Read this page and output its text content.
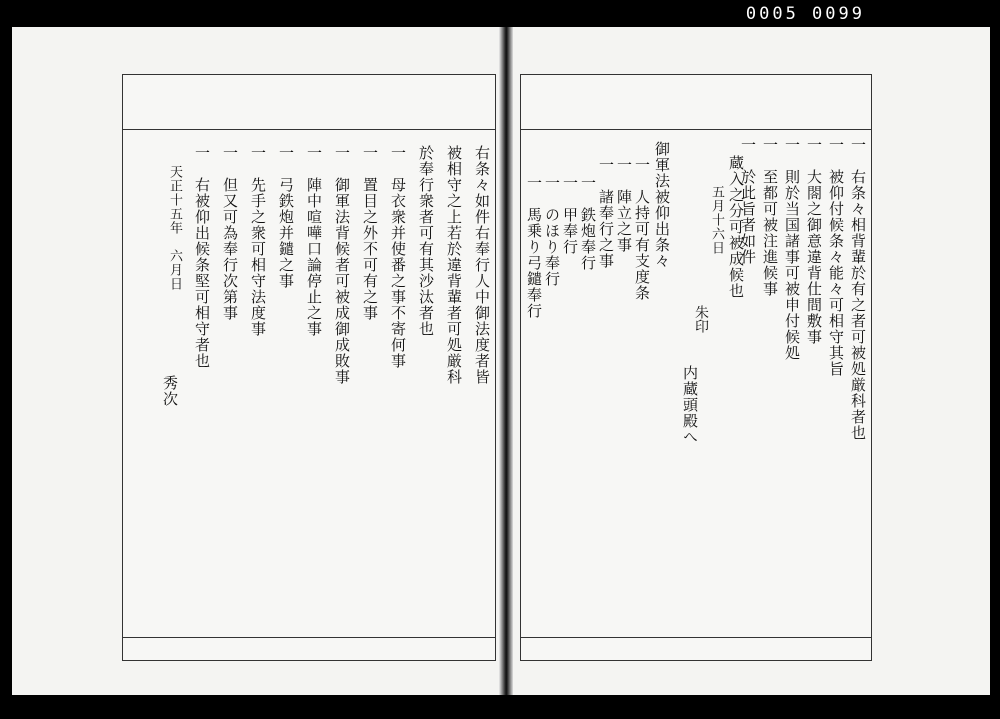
0005 0099
右条々如件右奉行人中御法度者皆
被相守之上若於違背輩者可処厳科
於奉行衆者可有其沙汰者也
一　母衣衆并使番之事不寄何事
一　置目之外不可有之事
一　御軍法背候者可被成御成敗事
一　陣中喧嘩口論停止之事
一　弓鉄炮并鑓之事
一　先手之衆可相守法度事
一　但又可為奉行次第事
一　右被仰出候条堅可相守者也
天正十五年　六月日
秀次	一　右条々相背輩於有之者可被処厳科者也
一　被仰付候条々能々可相守其旨
一　大閤之御意違背仕間敷事
一　則於当国諸事可被申付候処
一　至都可被注進候事
一　於此旨者如件
蔵入之分可被成候也
五月十六日
朱印
内蔵頭殿へ
御軍法被仰出条々
一　人持可有支度条
一　陣立之事
一　諸奉行之事
一　鉄炮奉行
一　甲奉行
一　のほり奉行
一　馬乗り弓鑓奉行
